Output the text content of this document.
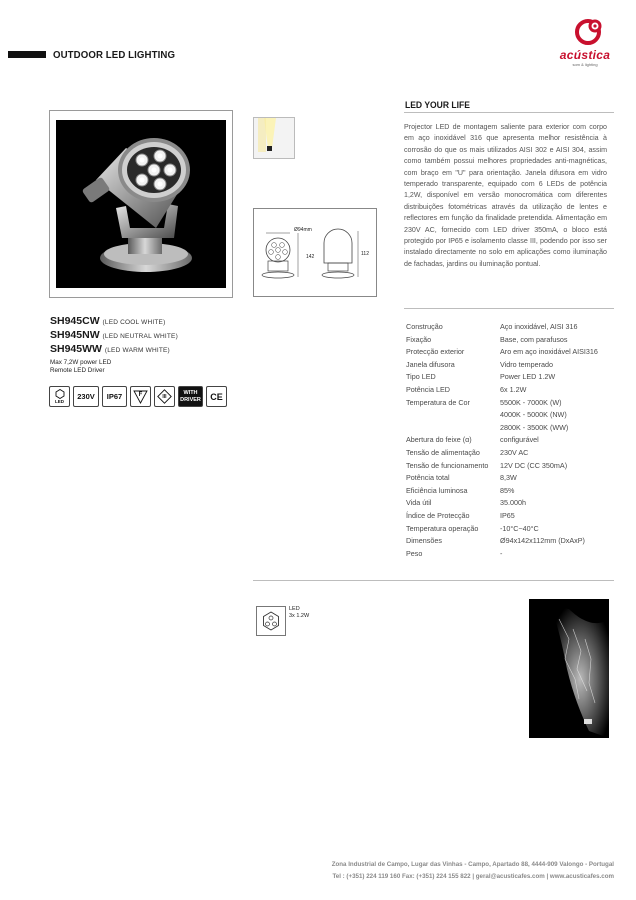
OUTDOOR LED LIGHTING	acústica
som & lighting
SH945CW (LED COOL WHITE)
SH945NW (LED NEUTRAL WHITE)
SH945WW (LED WARM WHITE)
Max 7,2W power LED
Remote LED Driver
LED
230V	IP67	F	III
WITH
DRIVER	CE
Ø94mm
142	112
LED YOUR LIFE
Projector LED de montagem saliente para exterior com corpo em aço inoxidável 316 que apresenta melhor resistência à corrosão do que os mais utilizados AISI 302 e AISI 304, assim como também possui melhores propriedades anti-magnéticas, com braço em "U" para orientação. Janela difusora em vidro temperado transparente, equipado com 6 LEDs de potência 1,2W, disponível em versão monocromática com diferentes distribuições fotométricas através da utilização de lentes e reflectores em função da finalidade pretendida. Alimentação em 230V AC, fornecido com LED driver 350mA, o bloco está protegido por IP65 e isolamento classe III, podendo por isso ser instalado directamente no solo em aplicações como iluminação de fachadas, jardins ou iluminação pontual.
Construção	Aço inoxidável, AISI 316
Fixação	Base, com parafusos
Protecção exterior	Aro em aço inoxidável AISI316
Janela difusora	Vidro temperado
Tipo LED	Power LED 1.2W
Potência LED	6x 1.2W
Temperatura de Cor	5500K - 7000K (W)
4000K - 5000K (NW)
2800K - 3500K (WW)
Abertura do feixe (α)	configurável
Tensão de alimentação	230V AC
Tensão de funcionamento	12V DC (CC 350mA)
Potência total	8,3W
Eficiência luminosa	85%
Vida útil	35.000h
Índice de Protecção	IP65
Temperatura operação	-10°C~40°C
Dimensões	Ø94x142x112mm (DxAxP)
Peso	-
LED
3x 1.2W
Zona Industrial de Campo, Lugar das Vinhas - Campo, Apartado 88, 4444-909 Valongo - Portugal
Tel : (+351) 224 119 160 Fax: (+351) 224 155 822 | geral@acusticafes.com | www.acusticafes.com
